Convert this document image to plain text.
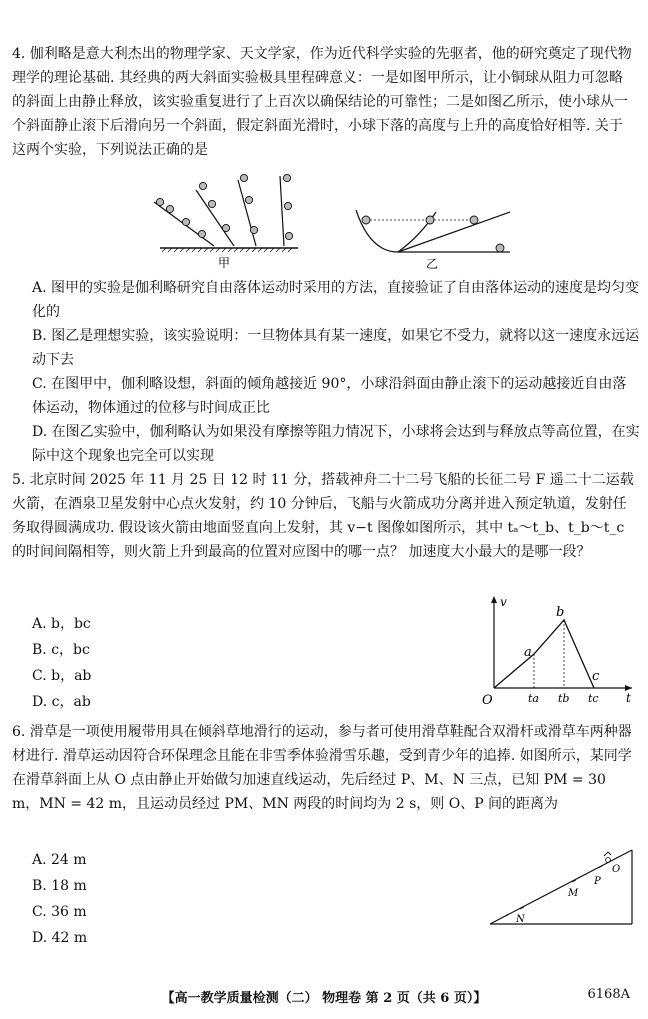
4. 伽利略是意大利杰出的物理学家、天文学家，作为近代科学实验的先驱者，他的研究奠定了现代物理学的理论基础. 其经典的两大斜面实验极具里程碑意义：一是如图甲所示，让小铜球从阻力可忽略的斜面上由静止释放，该实验重复进行了上百次以确保结论的可靠性；二是如图乙所示，使小球从一个斜面静止滚下后滑向另一个斜面，假定斜面光滑时，小球下落的高度与上升的高度恰好相等. 关于这两个实验，下列说法正确的是

甲	乙
A. 图甲的实验是伽利略研究自由落体运动时采用的方法，直接验证了自由落体运动的速度是均匀变化的
B. 图乙是理想实验，该实验说明：一旦物体具有某一速度，如果它不受力，就将以这一速度永远运动下去
C. 在图甲中，伽利略设想，斜面的倾角越接近 90°，小球沿斜面由静止滚下的运动越接近自由落体运动，物体通过的位移与时间成正比
D. 在图乙实验中，伽利略认为如果没有摩擦等阻力情况下，小球将会达到与释放点等高位置，在实际中这个现象也完全可以实现

5. 北京时间 2025 年 11 月 25 日 12 时 11 分，搭载神舟二十二号飞船的长征二号 F 遥二十二运载火箭，在酒泉卫星发射中心点火发射，约 10 分钟后，飞船与火箭成功分离并进入预定轨道，发射任务取得圆满成功. 假设该火箭由地面竖直向上发射，其 v−t 图像如图所示，其中 tₐ～t_b、t_b～t_c 的时间间隔相等，则火箭上升到最高的位置对应图中的哪一点？ 加速度大小最大的是哪一段？

A. b，bc
B. c，bc
C. b，ab
D. c，ab
v
t
O
a
b
c
ta tb tc

6. 滑草是一项使用履带用具在倾斜草地滑行的运动，参与者可使用滑草鞋配合双滑杆或滑草车两种器材进行. 滑草运动因符合环保理念且能在非雪季体验滑雪乐趣，受到青少年的追捧. 如图所示，某同学在滑草斜面上从 O 点由静止开始做匀加速直线运动，先后经过 P、M、N 三点，已知 PM = 30 m，MN = 42 m，且运动员经过 PM、MN 两段的时间均为 2 s，则 O、P 间的距离为

A. 24 m
B. 18 m
C. 36 m
D. 42 m
O
P
M
N
【高一教学质量检测（二） 物理卷 第 2 页（共 6 页）】	6168A
